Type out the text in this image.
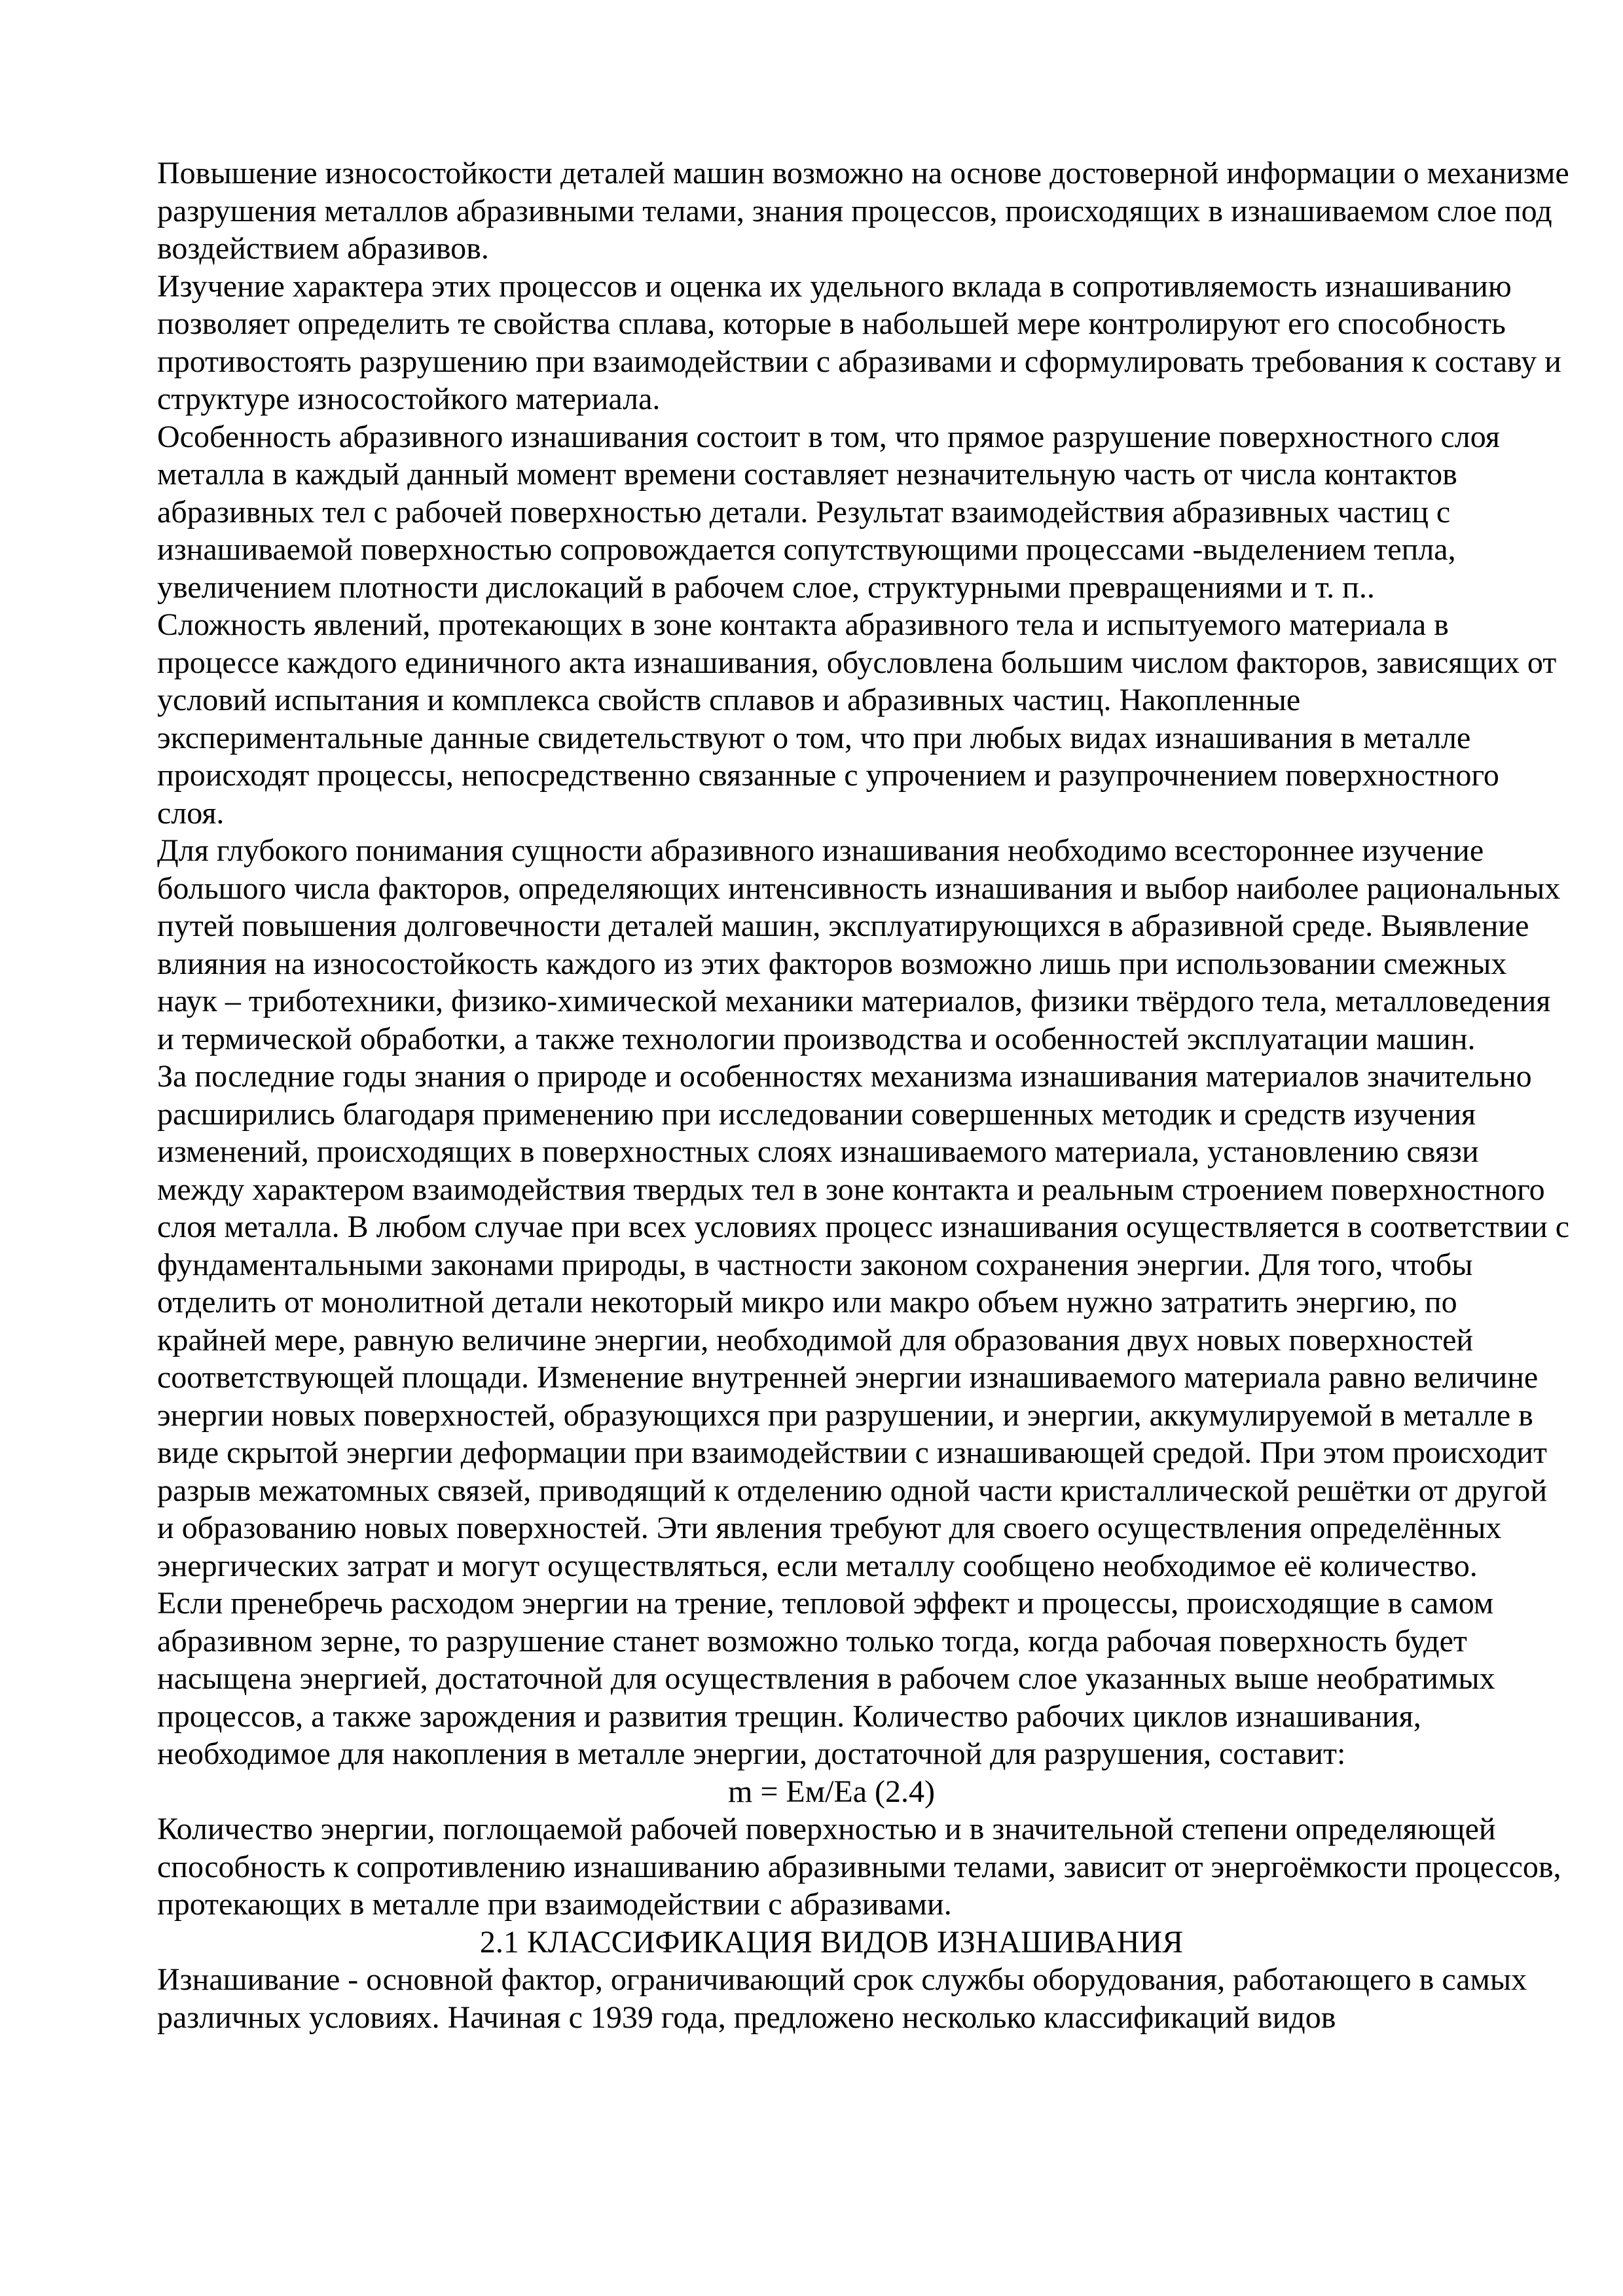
Повышение износостойкости деталей машин возможно на основе достоверной информации о механизме разрушения металлов абразивными телами, знания процессов, происходящих в изнашиваемом слое под воздействием абразивов.

Изучение характера этих процессов и оценка их удельного вклада в сопротивляемость изнашиванию позволяет определить те свойства сплава, которые в набольшей мере контролируют его способность противостоять разрушению при взаимодействии с абразивами и сформулировать требования к составу и структуре износостойкого материала.

Особенность абразивного изнашивания состоит в том, что прямое разрушение поверхностного слоя металла в каждый данный момент времени составляет незначительную часть от числа контактов абразивных тел с рабочей поверхностью детали. Результат взаимодействия абразивных частиц с изнашиваемой поверхностью сопровождается сопутствующими процессами -выделением тепла, увеличением плотности дислокаций в рабочем слое, структурными превращениями и т. п..

Сложность явлений, протекающих в зоне контакта абразивного тела и испытуемого материала в процессе каждого единичного акта изнашивания, обусловлена большим числом факторов, зависящих от условий испытания и комплекса свойств сплавов и абразивных частиц. Накопленные экспериментальные данные свидетельствуют о том, что при любых видах изнашивания в металле происходят процессы, непосредственно связанные с упрочением и разупрочнением поверхностного слоя.

Для глубокого понимания сущности абразивного изнашивания необходимо всестороннее изучение большого числа факторов, определяющих интенсивность изнашивания и выбор наиболее рациональных путей повышения долговечности деталей машин, эксплуатирующихся в абразивной среде. Выявление влияния на износостойкость каждого из этих факторов возможно лишь при использовании смежных наук – триботехники, физико-химической механики материалов, физики твёрдого тела, металловедения и термической обработки, а также технологии производства и особенностей эксплуатации машин.

За последние годы знания о природе и особенностях механизма изнашивания материалов значительно расширились благодаря применению при исследовании совершенных методик и средств изучения изменений, происходящих в поверхностных слоях изнашиваемого материала, установлению связи между характером взаимодействия твердых тел в зоне контакта и реальным строением поверхностного слоя металла. В любом случае при всех условиях процесс изнашивания осуществляется в соответствии с фундаментальными законами природы, в частности законом сохранения энергии. Для того, чтобы отделить от монолитной детали некоторый микро или макро объем нужно затратить энергию, по крайней мере, равную величине энергии, необходимой для образования двух новых поверхностей соответствующей площади. Изменение внутренней энергии изнашиваемого материала равно величине энергии новых поверхностей, образующихся при разрушении, и энергии, аккумулируемой в металле в виде скрытой энергии деформации при взаимодействии с изнашивающей средой. При этом происходит разрыв межатомных связей, приводящий к отделению одной части кристаллической решётки от другой и образованию новых поверхностей. Эти явления требуют для своего осуществления определённых энергических затрат и могут осуществляться, если металлу сообщено необходимое её количество.

Если пренебречь расходом энергии на трение, тепловой эффект и процессы, происходящие в самом абразивном зерне, то разрушение станет возможно только тогда, когда рабочая поверхность будет насыщена энергией, достаточной для осуществления в рабочем слое указанных выше необратимых процессов, а также зарождения и развития трещин. Количество рабочих циклов изнашивания, необходимое для накопления в металле энергии, достаточной для разрушения, составит:

m = Eм/Ea (2.4)

Количество энергии, поглощаемой рабочей поверхностью и в значительной степени определяющей способность к сопротивлению изнашиванию абразивными телами, зависит от энергоёмкости процессов, протекающих в металле при взаимодействии с абразивами.

2.1 КЛАССИФИКАЦИЯ ВИДОВ ИЗНАШИВАНИЯ

Изнашивание - основной фактор, ограничивающий срок службы оборудования, работающего в самых различных условиях. Начиная с 1939 года, предложено несколько классификаций видов
